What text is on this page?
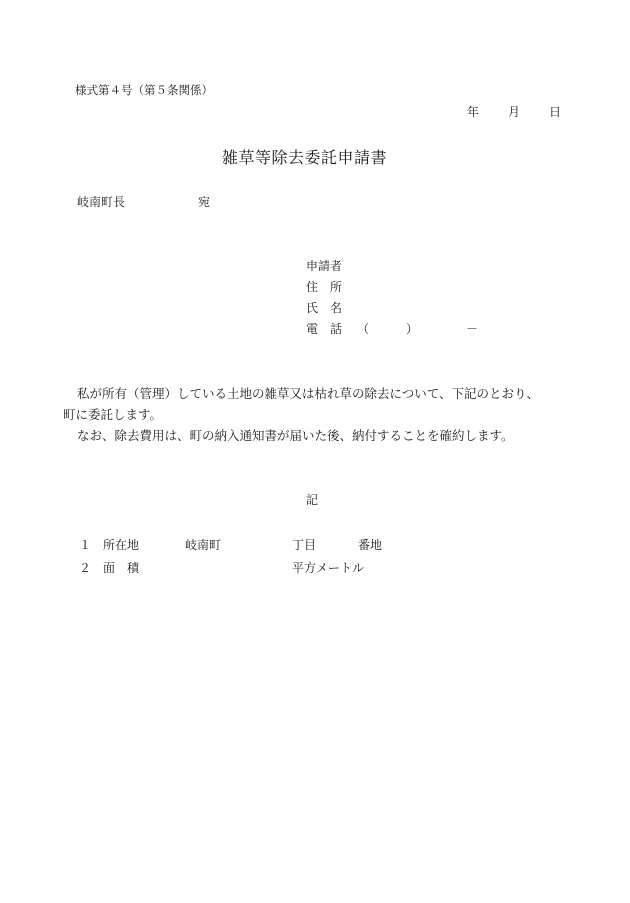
様式第４号（第５条関係）
年 月 日
雑草等除去委託申請書
岐南町長	宛
申請者
住　所
氏　名
電　話 （	）	－
私が所有（管理）している土地の雑草又は枯れ草の除去について、下記のとおり、
町に委託します。
なお、除去費用は、町の納入通知書が届いた後、納付することを確約します。
記
１ 所在地	岐南町	丁目	番地
２ 面　積	平方メートル
